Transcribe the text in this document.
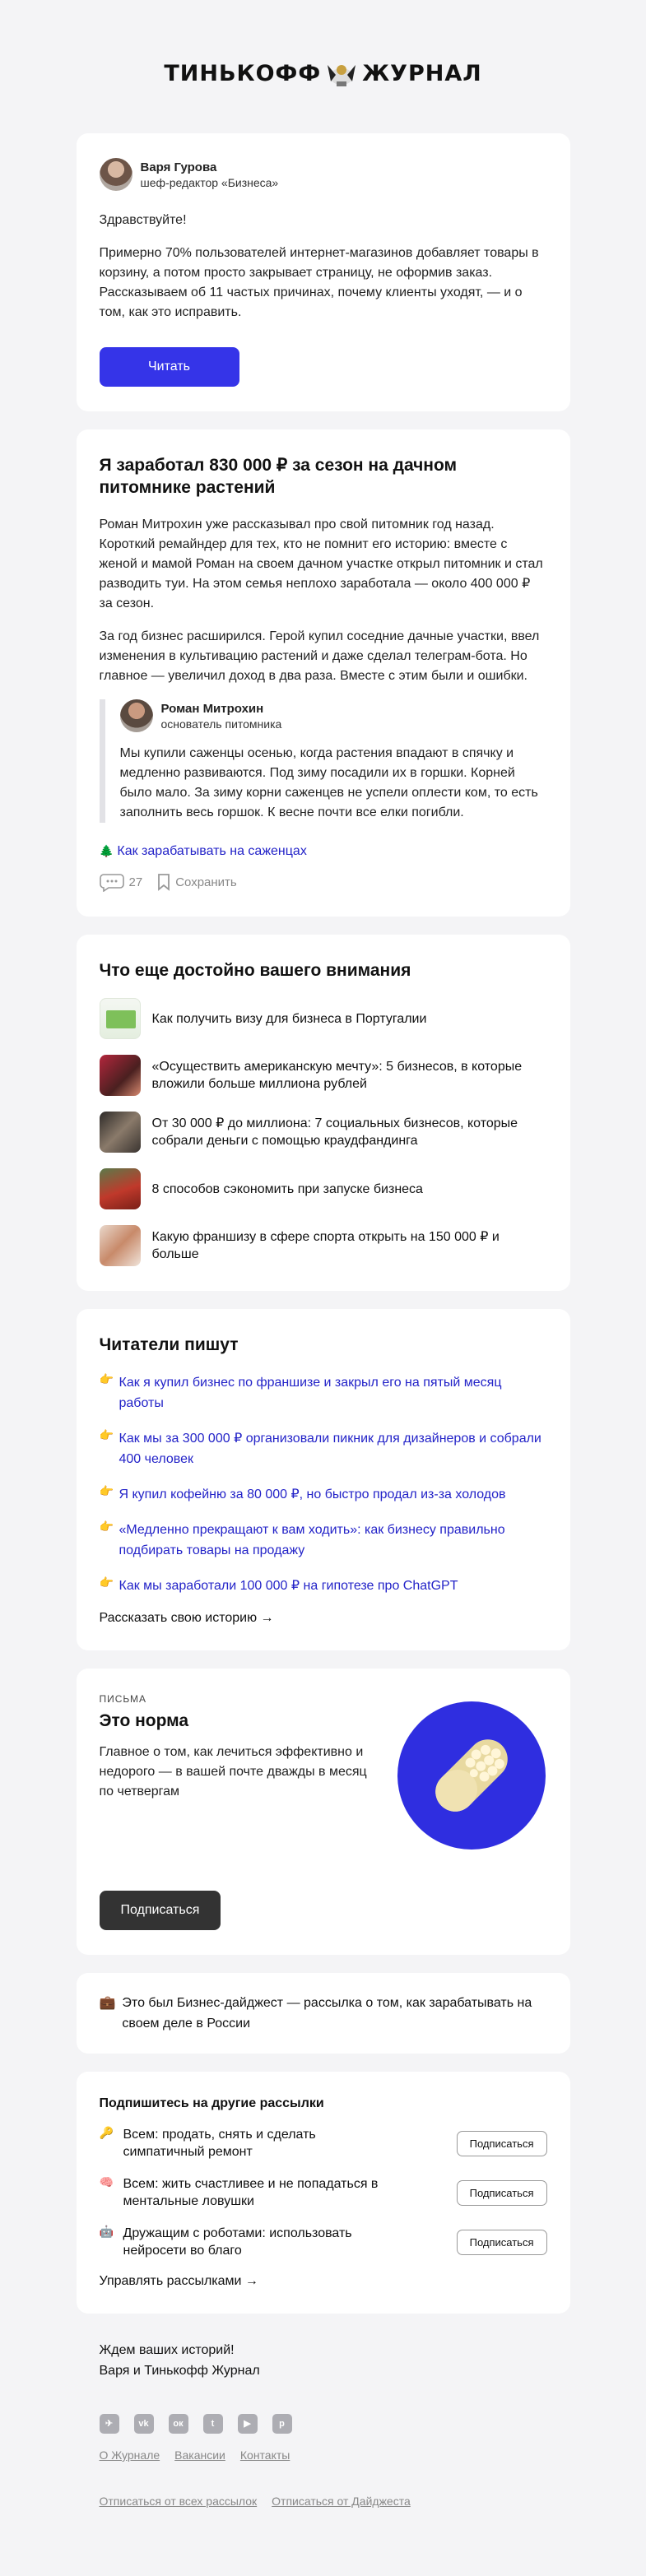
ТИНЬКОФФ ЖУРНАЛ
Варя Гурова
шеф-редактор «Бизнеса»
Здравствуйте!
Примерно 70% пользователей интернет-магазинов добавляет товары в корзину, а потом просто закрывает страницу, не оформив заказ. Рассказываем об 11 частых причинах, почему клиенты уходят, — и о том, как это исправить.
Читать
Я заработал 830 000 ₽ за сезон на дачном питомнике растений
Роман Митрохин уже рассказывал про свой питомник год назад. Короткий ремайндер для тех, кто не помнит его историю: вместе с женой и мамой Роман на своем дачном участке открыл питомник и стал разводить туи. На этом семья неплохо заработала — около 400 000 ₽ за сезон.
За год бизнес расширился. Герой купил соседние дачные участки, ввел изменения в культивацию растений и даже сделал телеграм-бота. Но главное — увеличил доход в два раза. Вместе с этим были и ошибки.
Роман Митрохин
основатель питомника
Мы купили саженцы осенью, когда растения впадают в спячку и медленно развиваются. Под зиму посадили их в горшки. Корней было мало. За зиму корни саженцев не успели оплести ком, то есть заполнить весь горшок. К весне почти все елки погибли.
🌲 Как зарабатывать на саженцах
27	Сохранить
Что еще достойно вашего внимания
Как получить визу для бизнеса в Португалии
«Осуществить американскую мечту»: 5 бизнесов, в которые вложили больше миллиона рублей
От 30 000 ₽ до миллиона: 7 социальных бизнесов, которые собрали деньги с помощью краудфандинга
8 способов сэкономить при запуске бизнеса
Какую франшизу в сфере спорта открыть на 150 000 ₽ и больше
Читатели пишут
👉 Как я купил бизнес по франшизе и закрыл его на пятый месяц работы
👉 Как мы за 300 000 ₽ организовали пикник для дизайнеров и собрали 400 человек
👉 Я купил кофейню за 80 000 ₽, но быстро продал из-за холодов
👉 «Медленно прекращают к вам ходить»: как бизнесу правильно подбирать товары на продажу
👉 Как мы заработали 100 000 ₽ на гипотезе про ChatGPT
Рассказать свою историю →
ПИСЬМА
Это норма
Главное о том, как лечиться эффективно и недорого — в вашей почте дважды в месяц по четвергам
Подписаться
💼 Это был Бизнес-дайджест — рассылка о том, как зарабатывать на своем деле в России
Подпишитесь на другие рассылки
🔑 Всем: продать, снять и сделать симпатичный ремонт
Подписаться
🧠 Всем: жить счастливее и не попадаться в ментальные ловушки
Подписаться
🤖 Дружащим с роботами: использовать нейросети во благо
Подписаться
Управлять рассылками →
Ждем ваших историй!
Варя и Тинькофф Журнал
✈	vk	ок	t	▶	p
О Журнале Вакансии Контакты
Отписаться от всех рассылок Отписаться от Дайджеста
